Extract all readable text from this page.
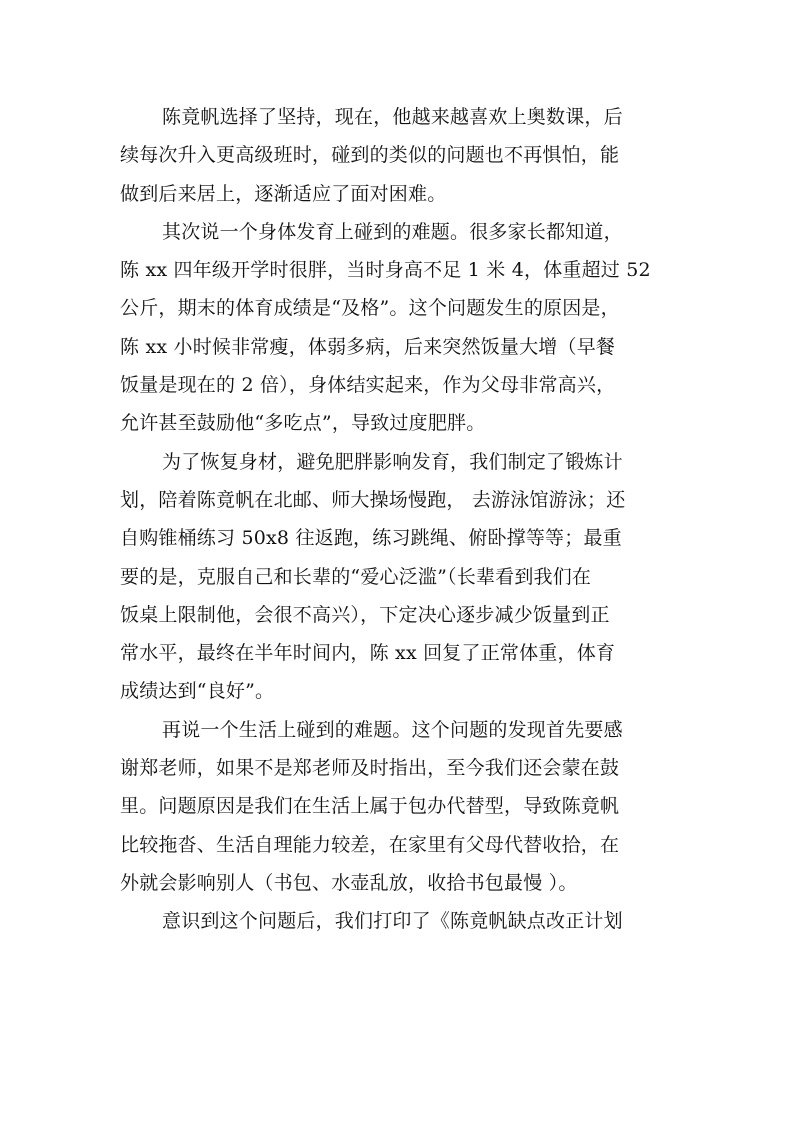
陈竟帆选择了坚持，现在，他越来越喜欢上奥数课，后
续每次升入更高级班时，碰到的类似的问题也不再惧怕，能
做到后来居上，逐渐适应了面对困难。
其次说一个身体发育上碰到的难题。很多家长都知道，
陈 xx 四年级开学时很胖，当时身高不足 1 米 4，体重超过 52
公斤，期末的体育成绩是“及格”。这个问题发生的原因是，
陈 xx 小时候非常瘦，体弱多病，后来突然饭量大增（早餐
饭量是现在的 2 倍），身体结实起来，作为父母非常高兴，
允许甚至鼓励他“多吃点”，导致过度肥胖。
为了恢复身材，避免肥胖影响发育，我们制定了锻炼计
划，陪着陈竟帆在北邮、师大操场慢跑， 去游泳馆游泳；还
自购锥桶练习 50x8 往返跑，练习跳绳、俯卧撑等等；最重
要的是，克服自己和长辈的“爱心泛滥”（长辈看到我们在
饭桌上限制他，会很不高兴），下定决心逐步减少饭量到正
常水平，最终在半年时间内，陈 xx 回复了正常体重，体育
成绩达到“良好”。
再说一个生活上碰到的难题。这个问题的发现首先要感
谢郑老师，如果不是郑老师及时指出，至今我们还会蒙在鼓
里。问题原因是我们在生活上属于包办代替型，导致陈竟帆
比较拖沓、生活自理能力较差，在家里有父母代替收拾，在
外就会影响别人（书包、水壶乱放，收拾书包最慢 ）。
意识到这个问题后，我们打印了《陈竟帆缺点改正计划
